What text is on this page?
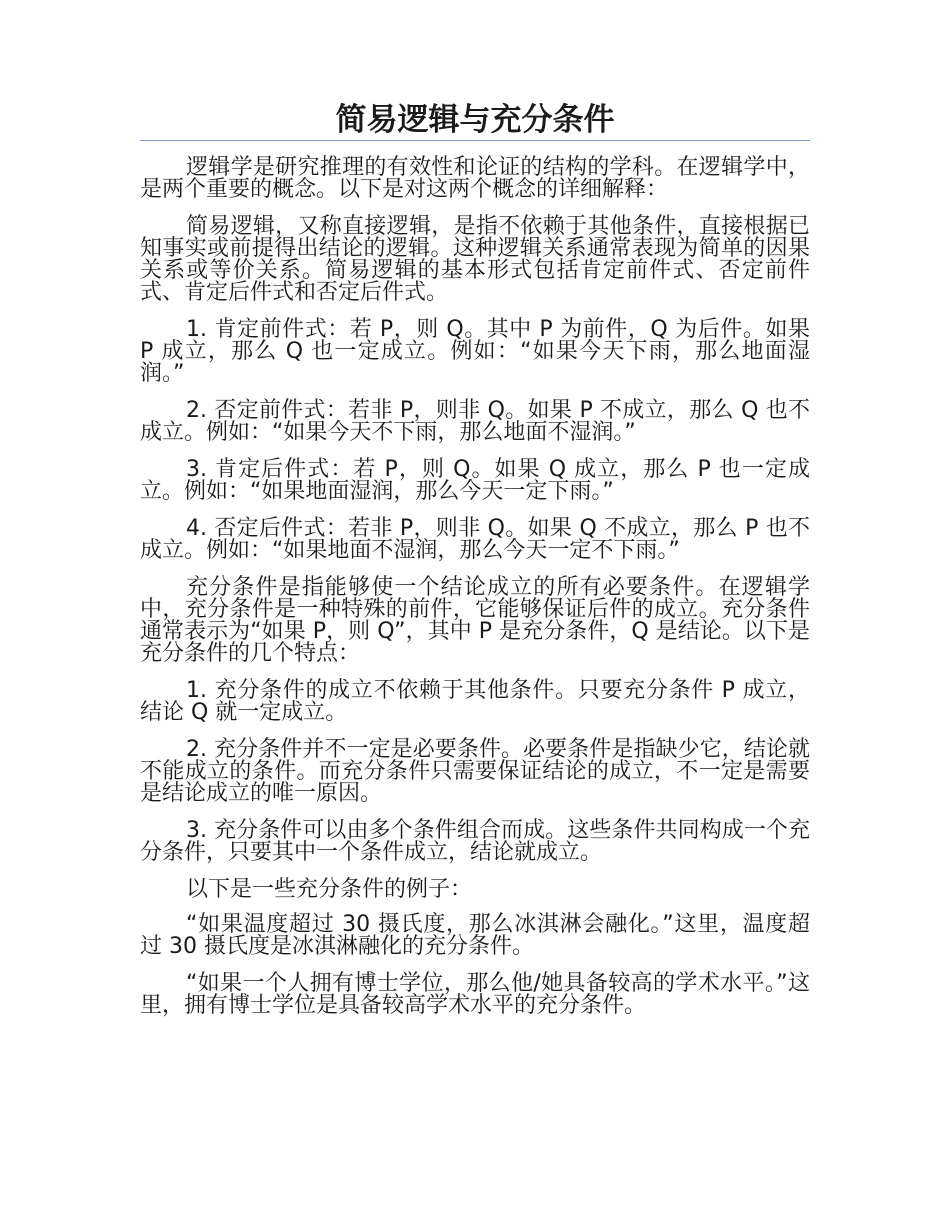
简易逻辑与充分条件

逻辑学是研究推理的有效性和论证的结构的学科。在逻辑学中，是两个重要的概念。以下是对这两个概念的详细解释：

简易逻辑，又称直接逻辑，是指不依赖于其他条件，直接根据已知事实或前提得出结论的逻辑。这种逻辑关系通常表现为简单的因果关系或等价关系。简易逻辑的基本形式包括肯定前件式、否定前件式、肯定后件式和否定后件式。

1. 肯定前件式：若 P，则 Q。其中 P 为前件，Q 为后件。如果 P 成立，那么 Q 也一定成立。例如：“如果今天下雨，那么地面湿润。”

2. 否定前件式：若非 P，则非 Q。如果 P 不成立，那么 Q 也不成立。例如：“如果今天不下雨，那么地面不湿润。”

3. 肯定后件式：若 P，则 Q。如果 Q 成立，那么 P 也一定成立。例如：“如果地面湿润，那么今天一定下雨。”

4. 否定后件式：若非 P，则非 Q。如果 Q 不成立，那么 P 也不成立。例如：“如果地面不湿润，那么今天一定不下雨。”

充分条件是指能够使一个结论成立的所有必要条件。在逻辑学中，充分条件是一种特殊的前件，它能够保证后件的成立。充分条件通常表示为“如果 P，则 Q”，其中 P 是充分条件，Q 是结论。以下是充分条件的几个特点：

1. 充分条件的成立不依赖于其他条件。只要充分条件 P 成立，结论 Q 就一定成立。

2. 充分条件并不一定是必要条件。必要条件是指缺少它，结论就不能成立的条件。而充分条件只需要保证结论的成立，不一定是需要是结论成立的唯一原因。

3. 充分条件可以由多个条件组合而成。这些条件共同构成一个充分条件，只要其中一个条件成立，结论就成立。

以下是一些充分条件的例子：

“如果温度超过 30 摄氏度，那么冰淇淋会融化。”这里，温度超过 30 摄氏度是冰淇淋融化的充分条件。

“如果一个人拥有博士学位，那么他/她具备较高的学术水平。”这里，拥有博士学位是具备较高学术水平的充分条件。
